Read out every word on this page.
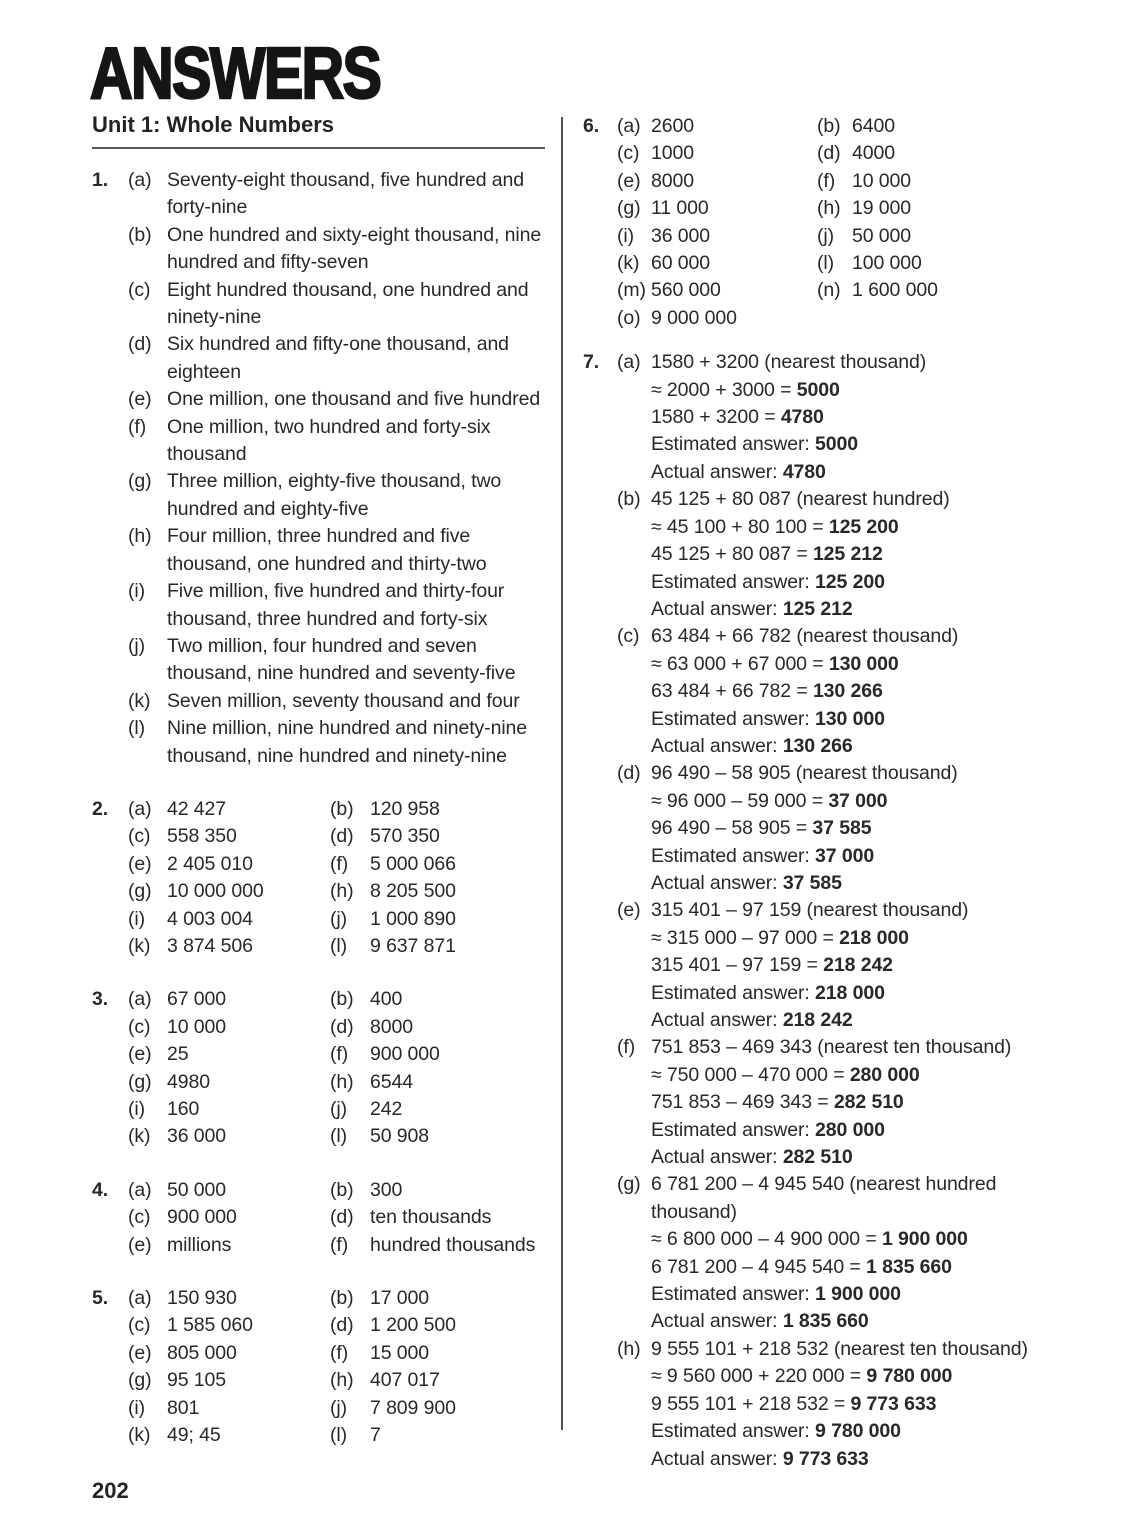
ANSWERS
Unit 1: Whole Numbers
1.	(a) Seventy-eight thousand, five hundred and forty-nine
(b) One hundred and sixty-eight thousand, nine hundred and fifty-seven
(c) Eight hundred thousand, one hundred and ninety-nine
(d) Six hundred and fifty-one thousand, and eighteen
(e) One million, one thousand and five hundred
(f)	One million, two hundred and forty-six thousand
(g) Three million, eighty-five thousand, two hundred and eighty-five
(h) Four million, three hundred and five thousand, one hundred and thirty-two
(i)	Five million, five hundred and thirty-four thousand, three hundred and forty-six
(j)	Two million, four hundred and seven thousand, nine hundred and seventy-five
(k) Seven million, seventy thousand and four
(l)	Nine million, nine hundred and ninety-nine thousand, nine hundred and ninety-nine
2.	(a) 42 427	(b) 120 958
(c) 558 350	(d) 570 350
(e) 2 405 010	(f)	5 000 066
(g) 10 000 000	(h) 8 205 500
(i)	4 003 004	(j)	1 000 890
(k) 3 874 506	(l)	9 637 871
3.	(a) 67 000	(b) 400
(c) 10 000	(d) 8000
(e) 25	(f)	900 000
(g) 4980	(h) 6544
(i)	160	(j)	242
(k) 36 000	(l)	50 908
4.	(a) 50 000	(b) 300
(c) 900 000	(d) ten thousands
(e) millions	(f)	hundred thousands
5.	(a) 150 930	(b) 17 000
(c) 1 585 060	(d) 1 200 500
(e) 805 000	(f)	15 000
(g) 95 105	(h) 407 017
(i)	801	(j)	7 809 900
(k) 49; 45	(l)	7
6. (a) 2600	(b) 6400
(c) 1000	(d) 4000
(e) 8000	(f) 10 000
(g) 11 000	(h) 19 000
(i) 36 000	(j) 50 000
(k) 60 000	(l) 100 000
(m) 560 000	(n) 1 600 000
(o) 9 000 000
7. (a) 1580 + 3200 (nearest thousand)
≈ 2000 + 3000 = 5000
1580 + 3200 = 4780
Estimated answer: 5000
Actual answer: 4780
(b) 45 125 + 80 087 (nearest hundred)
≈ 45 100 + 80 100 = 125 200
45 125 + 80 087 = 125 212
Estimated answer: 125 200
Actual answer: 125 212
(c) 63 484 + 66 782 (nearest thousand)
≈ 63 000 + 67 000 = 130 000
63 484 + 66 782 = 130 266
Estimated answer: 130 000
Actual answer: 130 266
(d) 96 490 – 58 905 (nearest thousand)
≈ 96 000 – 59 000 = 37 000
96 490 – 58 905 = 37 585
Estimated answer: 37 000
Actual answer: 37 585
(e) 315 401 – 97 159 (nearest thousand)
≈ 315 000 – 97 000 = 218 000
315 401 – 97 159 = 218 242
Estimated answer: 218 000
Actual answer: 218 242
(f) 751 853 – 469 343 (nearest ten thousand)
≈ 750 000 – 470 000 = 280 000
751 853 – 469 343 = 282 510
Estimated answer: 280 000
Actual answer: 282 510
(g) 6 781 200 – 4 945 540 (nearest hundred thousand)
≈ 6 800 000 – 4 900 000 = 1 900 000
6 781 200 – 4 945 540 = 1 835 660
Estimated answer: 1 900 000
Actual answer: 1 835 660
(h) 9 555 101 + 218 532 (nearest ten thousand)
≈ 9 560 000 + 220 000 = 9 780 000
9 555 101 + 218 532 = 9 773 633
Estimated answer: 9 780 000
Actual answer: 9 773 633
202
